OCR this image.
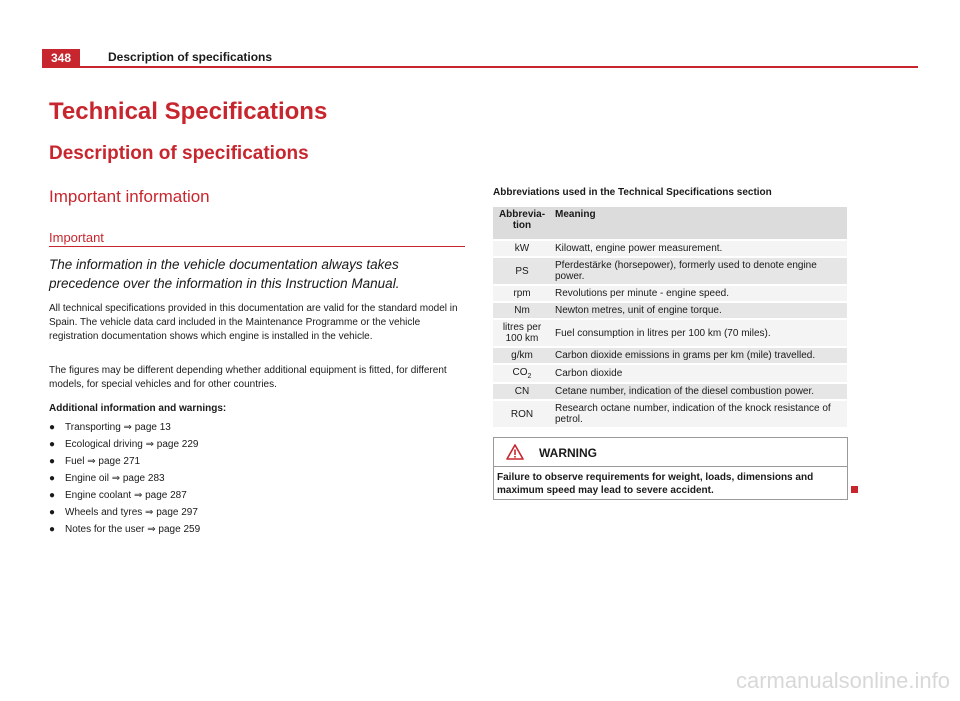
348	Description of specifications
Technical Specifications
Description of specifications
Important information
Important
The information in the vehicle documentation always takes precedence over the information in this Instruction Manual.
All technical specifications provided in this documentation are valid for the standard model in Spain. The vehicle data card included in the Maintenance Programme or the vehicle registration documentation shows which engine is installed in the vehicle.
The figures may be different depending whether additional equipment is fitted, for different models, for special vehicles and for other countries.
Additional information and warnings:
● Transporting ⇒ page 13
● Ecological driving ⇒ page 229
● Fuel ⇒ page 271
● Engine oil ⇒ page 283
● Engine coolant ⇒ page 287
● Wheels and tyres ⇒ page 297
● Notes for the user ⇒ page 259
Abbreviations used in the Technical Specifications section
Abbrevia-tion	Meaning
kW	Kilowatt, engine power measurement.
PS	Pferdestärke (horsepower), formerly used to denote engine power.
rpm	Revolutions per minute - engine speed.
Nm	Newton metres, unit of engine torque.
litres per 100 km	Fuel consumption in litres per 100 km (70 miles).
g/km	Carbon dioxide emissions in grams per km (mile) travelled.
$CO_2$	Carbon dioxide
CN	Cetane number, indication of the diesel combustion power.
RON	Research octane number, indication of the knock resistance of petrol.
WARNING
Failure to observe requirements for weight, loads, dimensions and maximum speed may lead to severe accident.
carmanualsonline.info
